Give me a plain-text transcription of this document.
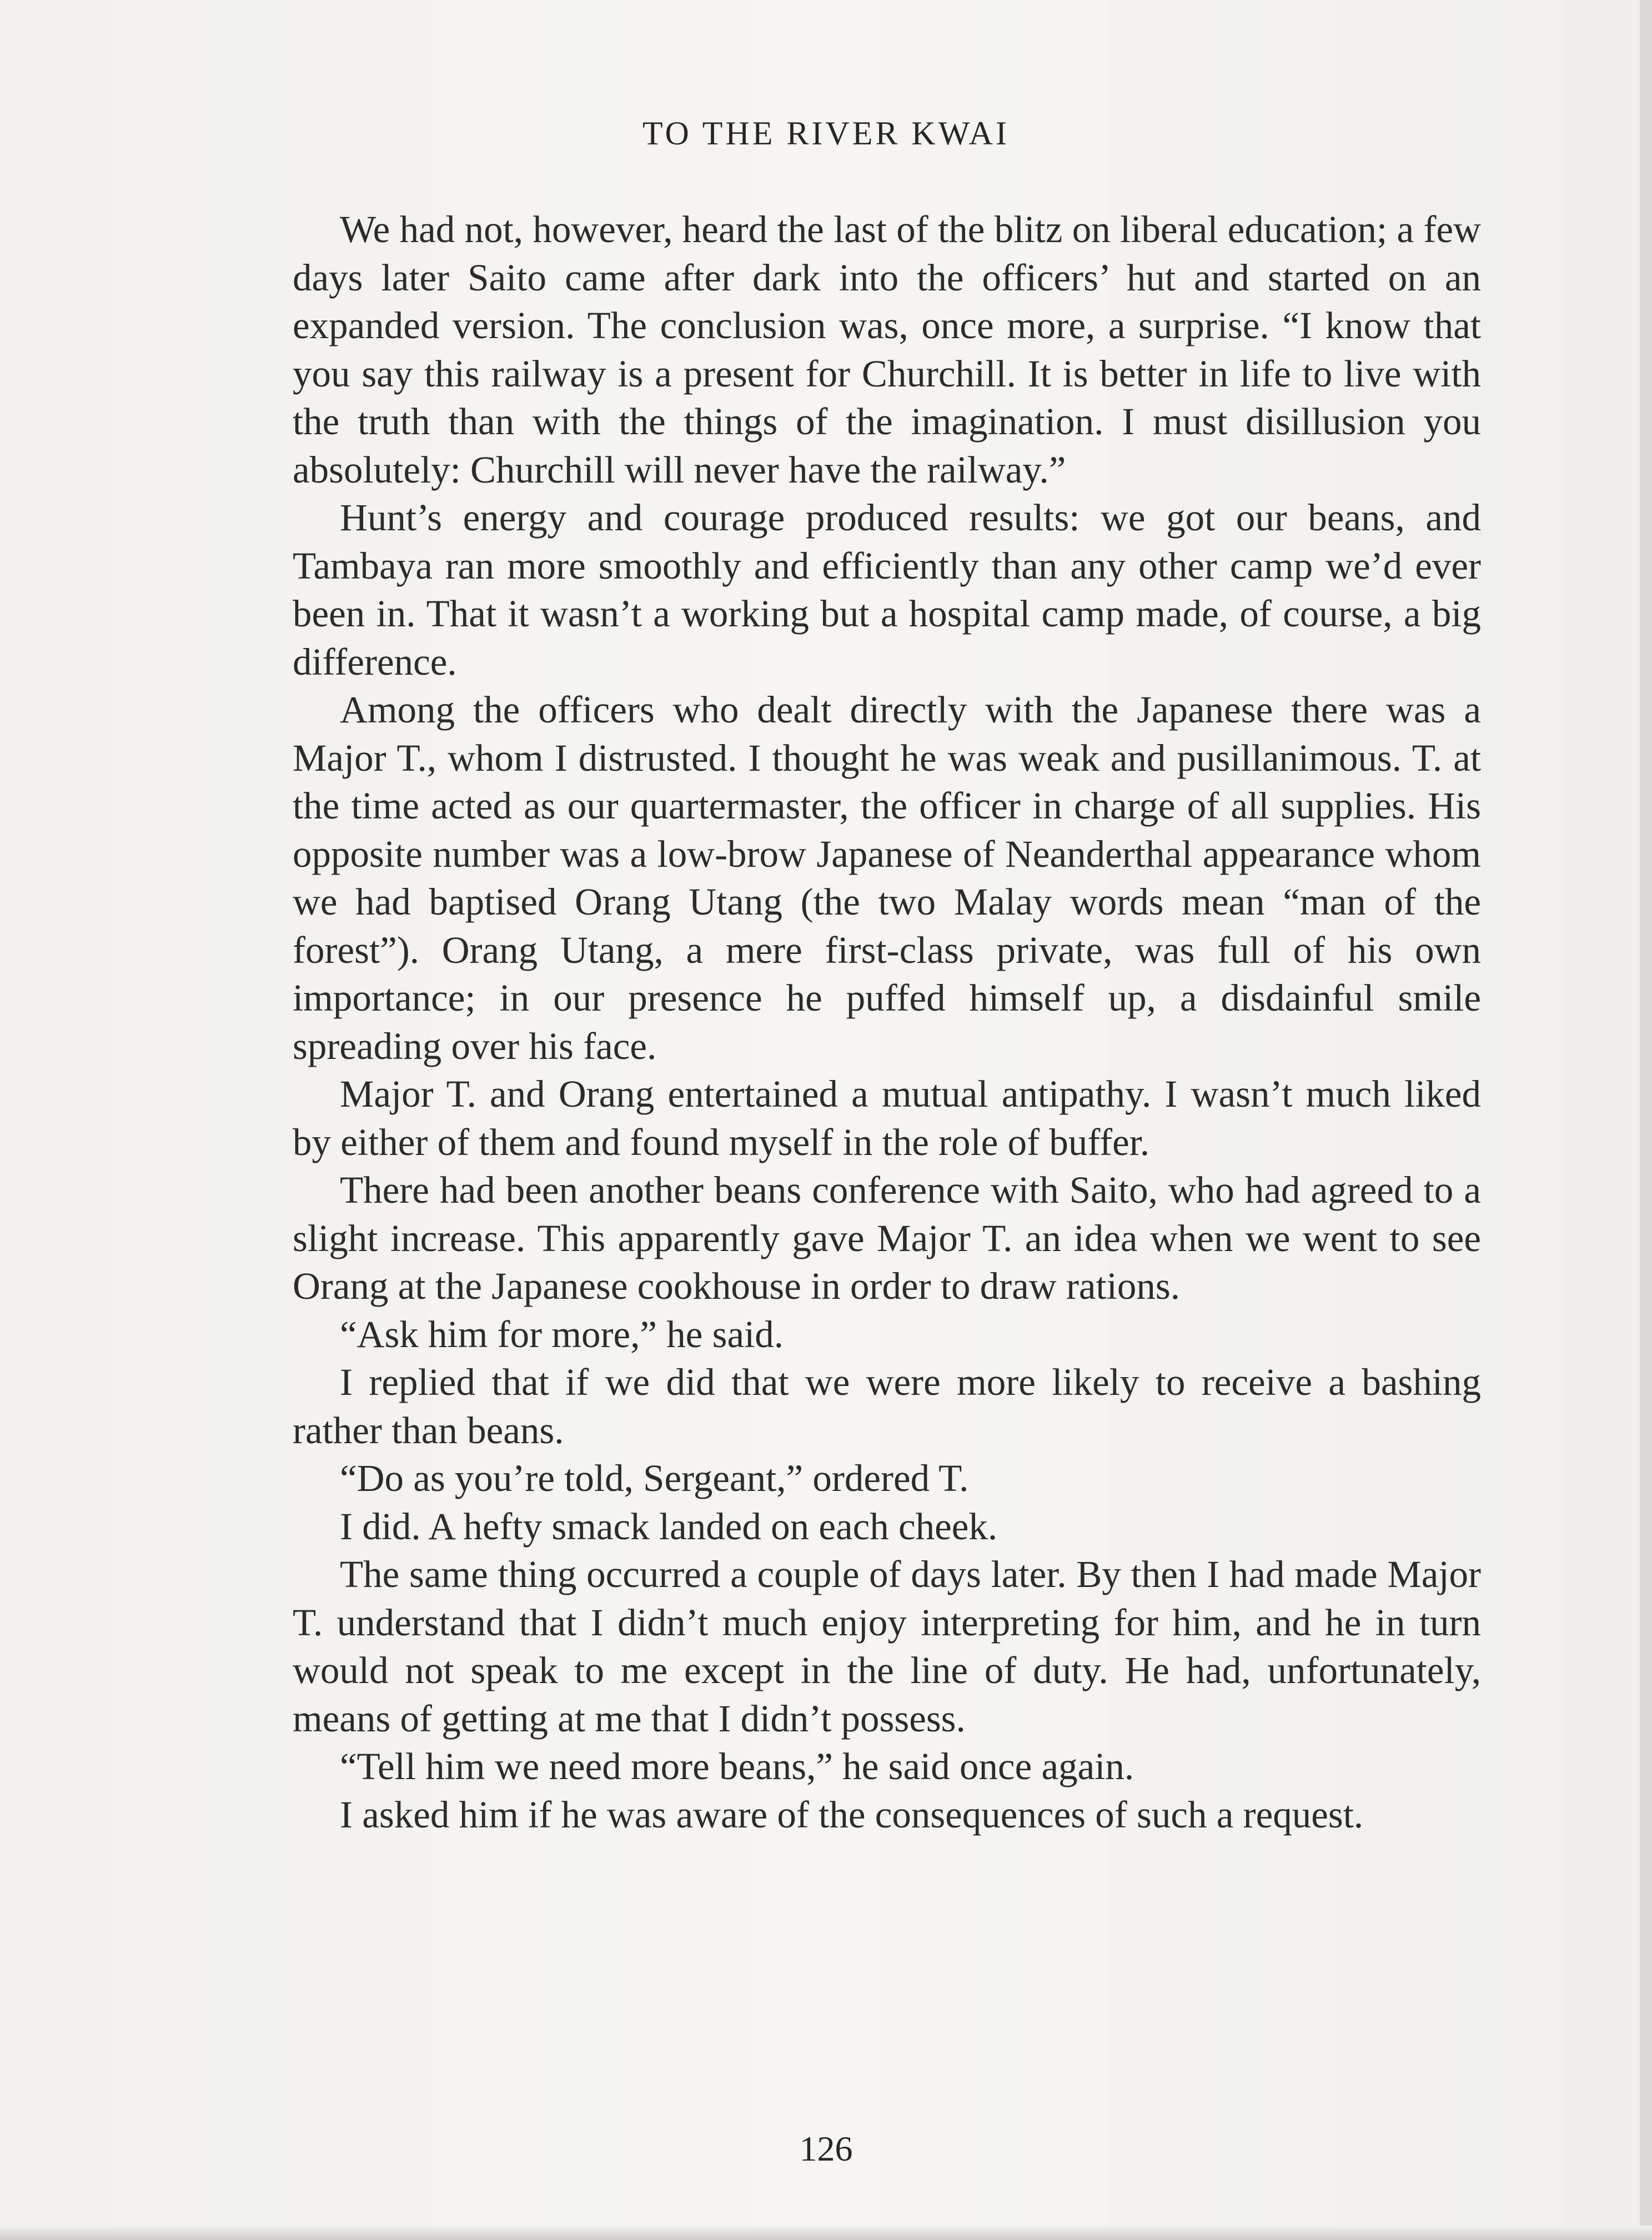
TO THE RIVER KWAI

We had not, however, heard the last of the blitz on liberal education; a few days later Saito came after dark into the officers’ hut and started on an expanded version. The conclusion was, once more, a surprise. “I know that you say this railway is a present for Churchill. It is better in life to live with the truth than with the things of the imagination. I must disillusion you absolutely: Churchill will never have the railway.”

Hunt’s energy and courage produced results: we got our beans, and Tambaya ran more smoothly and efficiently than any other camp we’d ever been in. That it wasn’t a working but a hospital camp made, of course, a big difference.

Among the officers who dealt directly with the Japanese there was a Major T., whom I distrusted. I thought he was weak and pusillanimous. T. at the time acted as our quartermaster, the officer in charge of all supplies. His opposite number was a low-brow Japanese of Neanderthal appearance whom we had baptised Orang Utang (the two Malay words mean “man of the forest”). Orang Utang, a mere first-class private, was full of his own importance; in our presence he puffed himself up, a disdainful smile spreading over his face.

Major T. and Orang entertained a mutual antipathy. I wasn’t much liked by either of them and found myself in the role of buffer.

There had been another beans conference with Saito, who had agreed to a slight increase. This apparently gave Major T. an idea when we went to see Orang at the Japanese cookhouse in order to draw rations.

“Ask him for more,” he said.

I replied that if we did that we were more likely to receive a bashing rather than beans.

“Do as you’re told, Sergeant,” ordered T.

I did. A hefty smack landed on each cheek.

The same thing occurred a couple of days later. By then I had made Major T. understand that I didn’t much enjoy interpreting for him, and he in turn would not speak to me except in the line of duty. He had, unfortunately, means of getting at me that I didn’t possess.

“Tell him we need more beans,” he said once again.

I asked him if he was aware of the consequences of such a request.

126
